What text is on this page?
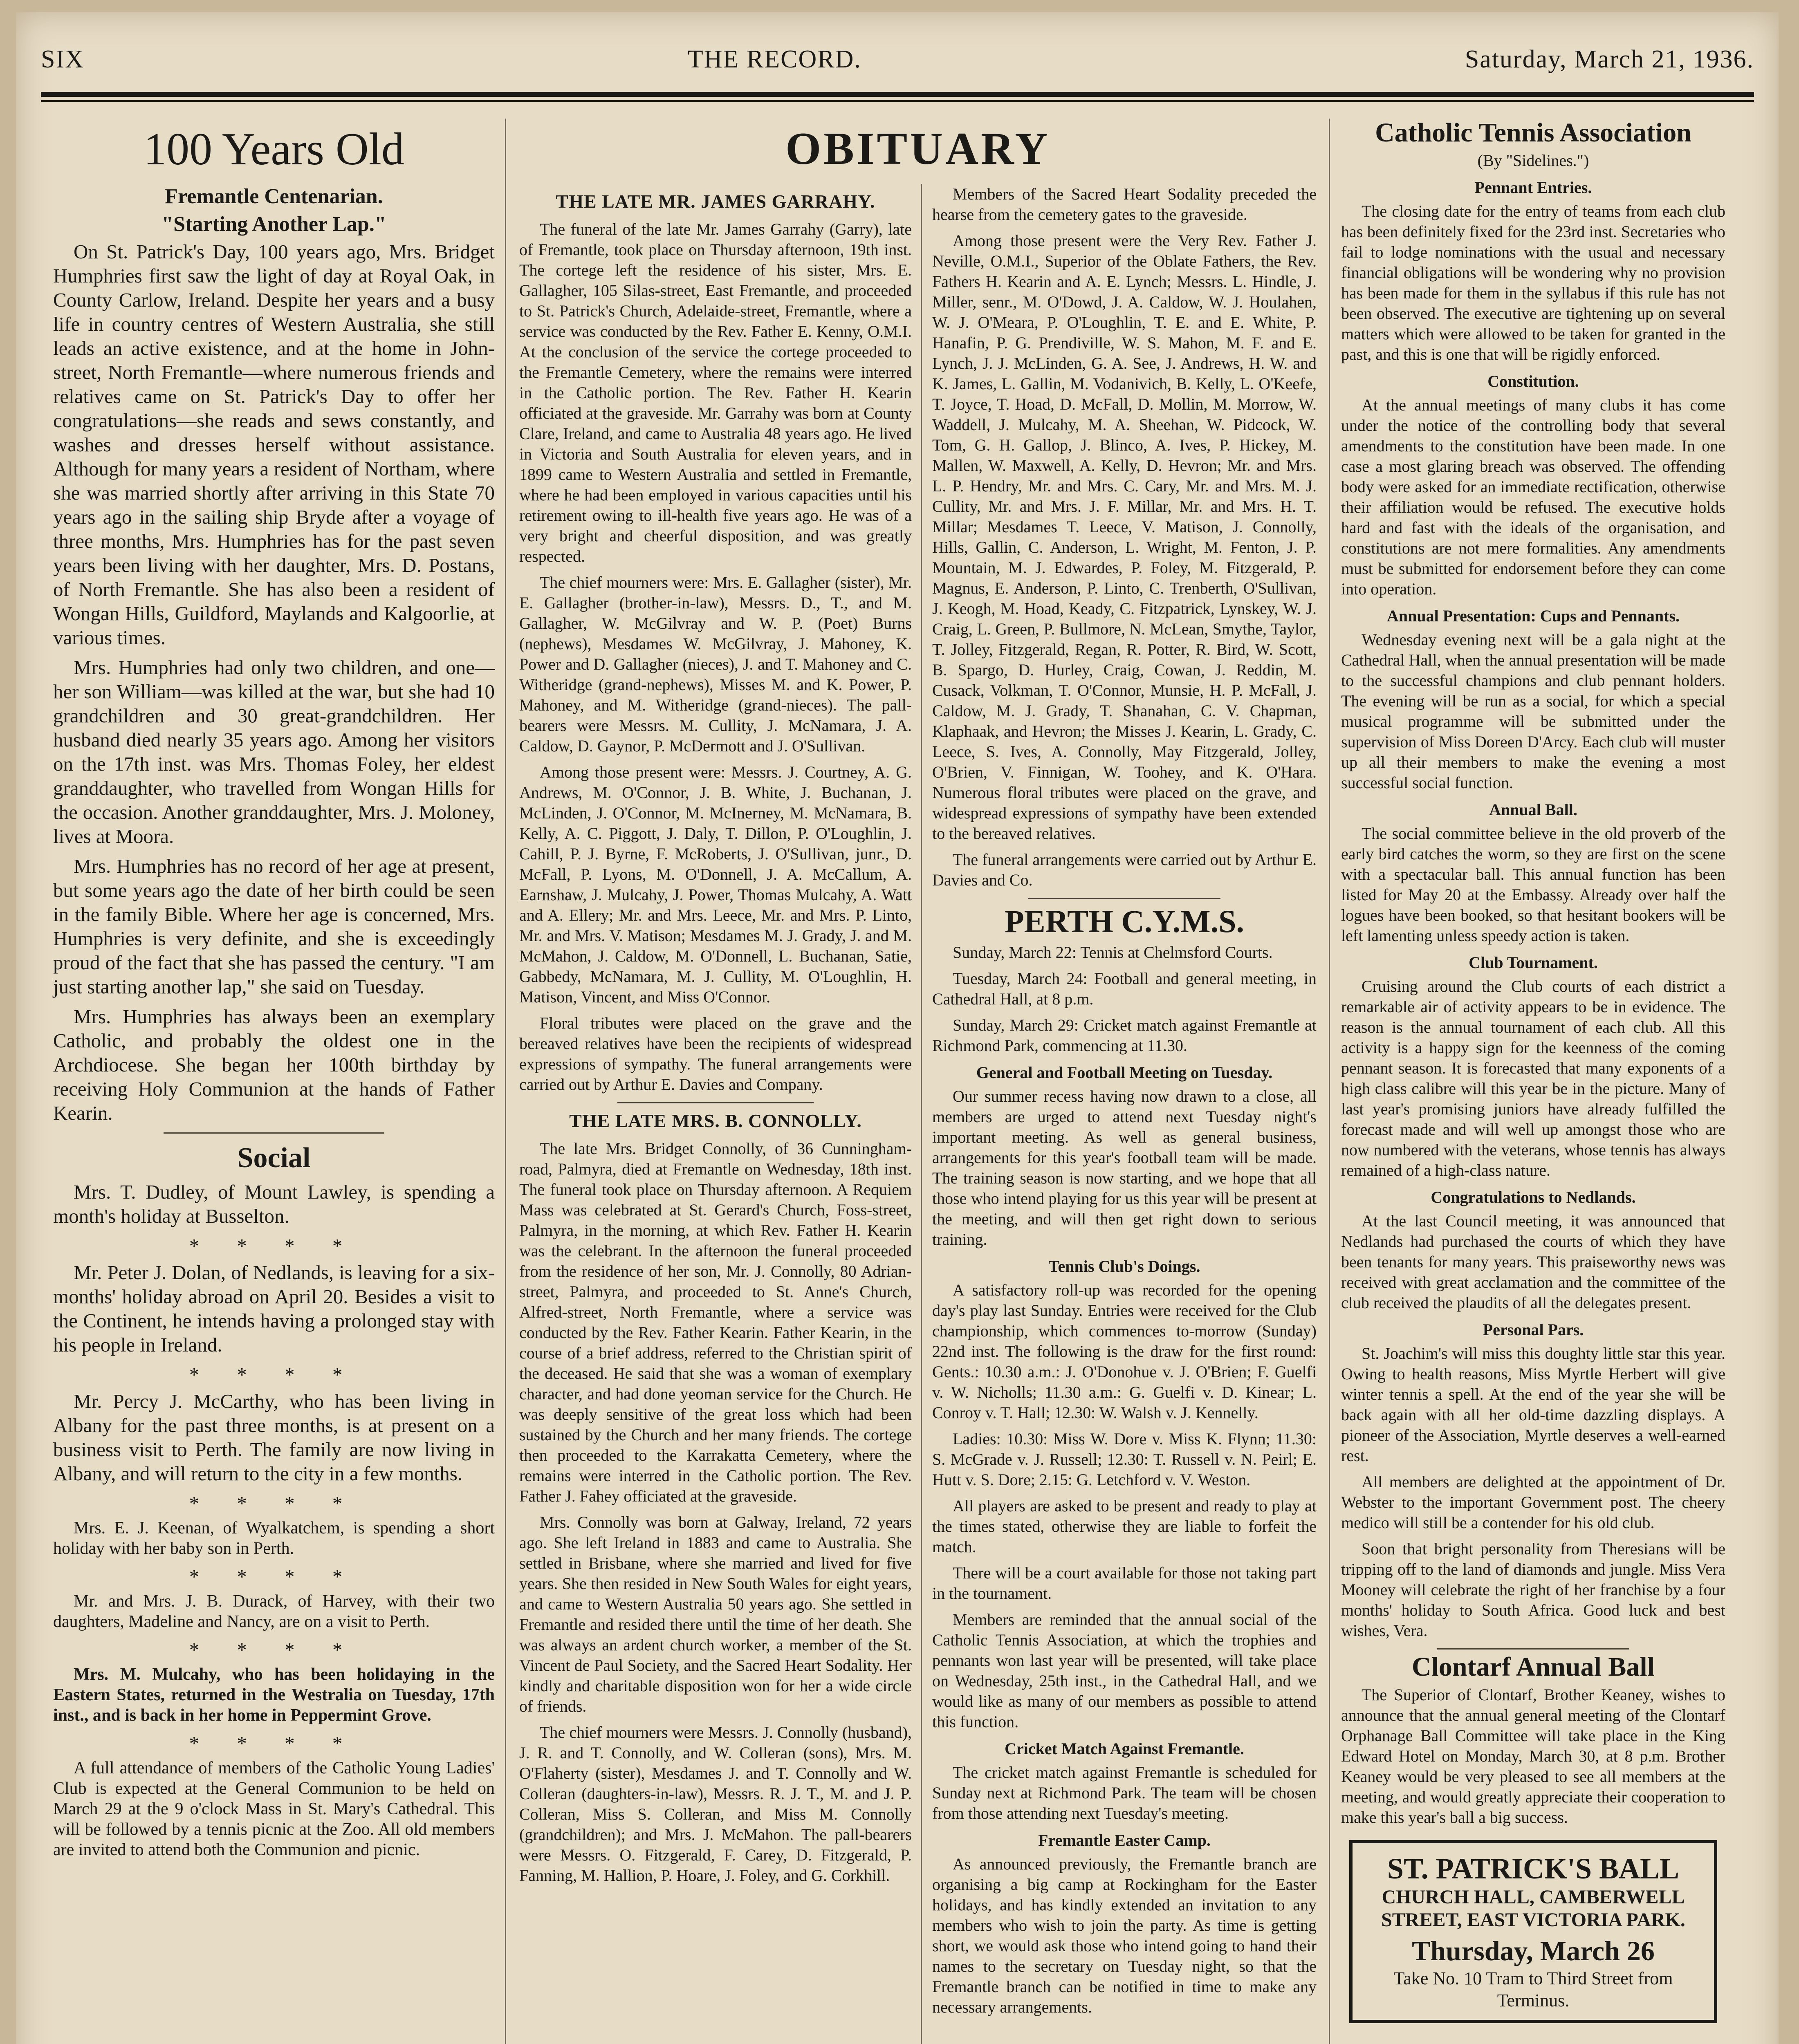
SIX	THE RECORD.	Saturday, March 21, 1936.
100 Years Old
Fremantle Centenarian.
"Starting Another Lap."

On St. Patrick's Day, 100 years ago, Mrs. Bridget Humphries first saw the light of day at Royal Oak, in County Carlow, Ireland. Despite her years and a busy life in country centres of Western Australia, she still leads an active existence, and at the home in John-street, North Fremantle—where numerous friends and relatives came on St. Patrick's Day to offer her congratulations—she reads and sews constantly, and washes and dresses herself without assistance. Although for many years a resident of Northam, where she was married shortly after arriving in this State 70 years ago in the sailing ship Bryde after a voyage of three months, Mrs. Humphries has for the past seven years been living with her daughter, Mrs. D. Postans, of North Fremantle. She has also been a resident of Wongan Hills, Guildford, Maylands and Kalgoorlie, at various times.

Mrs. Humphries had only two children, and one—her son William—was killed at the war, but she had 10 grandchildren and 30 great-grandchildren. Her husband died nearly 35 years ago. Among her visitors on the 17th inst. was Mrs. Thomas Foley, her eldest granddaughter, who travelled from Wongan Hills for the occasion. Another granddaughter, Mrs. J. Moloney, lives at Moora.

Mrs. Humphries has no record of her age at present, but some years ago the date of her birth could be seen in the family Bible. Where her age is concerned, Mrs. Humphries is very definite, and she is exceedingly proud of the fact that she has passed the century. "I am just starting another lap," she said on Tuesday.

Mrs. Humphries has always been an exemplary Catholic, and probably the oldest one in the Archdiocese. She began her 100th birthday by receiving Holy Communion at the hands of Father Kearin.

Social

Mrs. T. Dudley, of Mount Lawley, is spending a month's holiday at Busselton.

* * * *

Mr. Peter J. Dolan, of Nedlands, is leaving for a six-months' holiday abroad on April 20. Besides a visit to the Continent, he intends having a prolonged stay with his people in Ireland.

* * * *

Mr. Percy J. McCarthy, who has been living in Albany for the past three months, is at present on a business visit to Perth. The family are now living in Albany, and will return to the city in a few months.

* * * *

Mrs. E. J. Keenan, of Wyalkatchem, is spending a short holiday with her baby son in Perth.

* * * *

Mr. and Mrs. J. B. Durack, of Harvey, with their two daughters, Madeline and Nancy, are on a visit to Perth.

* * * *

Mrs. M. Mulcahy, who has been holidaying in the Eastern States, returned in the Westralia on Tuesday, 17th inst., and is back in her home in Peppermint Grove.

* * * *

A full attendance of members of the Catholic Young Ladies' Club is expected at the General Communion to be held on March 29 at the 9 o'clock Mass in St. Mary's Cathedral. This will be followed by a tennis picnic at the Zoo. All old members are invited to attend both the Communion and picnic.

OBITUARY
THE LATE MR. JAMES GARRAHY.

The funeral of the late Mr. James Garrahy (Garry), late of Fremantle, took place on Thursday afternoon, 19th inst. The cortege left the residence of his sister, Mrs. E. Gallagher, 105 Silas-street, East Fremantle, and proceeded to St. Patrick's Church, Adelaide-street, Fremantle, where a service was conducted by the Rev. Father E. Kenny, O.M.I. At the conclusion of the service the cortege proceeded to the Fremantle Cemetery, where the remains were interred in the Catholic portion. The Rev. Father H. Kearin officiated at the graveside. Mr. Garrahy was born at County Clare, Ireland, and came to Australia 48 years ago. He lived in Victoria and South Australia for eleven years, and in 1899 came to Western Australia and settled in Fremantle, where he had been employed in various capacities until his retirement owing to ill-health five years ago. He was of a very bright and cheerful disposition, and was greatly respected.

The chief mourners were: Mrs. E. Gallagher (sister), Mr. E. Gallagher (brother-in-law), Messrs. D., T., and M. Gallagher, W. McGilvray and W. P. (Poet) Burns (nephews), Mesdames W. McGilvray, J. Mahoney, K. Power and D. Gallagher (nieces), J. and T. Mahoney and C. Witheridge (grand-nephews), Misses M. and K. Power, P. Mahoney, and M. Witheridge (grand-nieces). The pall-bearers were Messrs. M. Cullity, J. McNamara, J. A. Caldow, D. Gaynor, P. McDermott and J. O'Sullivan.

Among those present were: Messrs. J. Courtney, A. G. Andrews, M. O'Connor, J. B. White, J. Buchanan, J. McLinden, J. O'Connor, M. McInerney, M. McNamara, B. Kelly, A. C. Piggott, J. Daly, T. Dillon, P. O'Loughlin, J. Cahill, P. J. Byrne, F. McRoberts, J. O'Sullivan, junr., D. McFall, P. Lyons, M. O'Donnell, J. A. McCallum, A. Earnshaw, J. Mulcahy, J. Power, Thomas Mulcahy, A. Watt and A. Ellery; Mr. and Mrs. Leece, Mr. and Mrs. P. Linto, Mr. and Mrs. V. Matison; Mesdames M. J. Grady, J. and M. McMahon, J. Caldow, M. O'Donnell, L. Buchanan, Satie, Gabbedy, McNamara, M. J. Cullity, M. O'Loughlin, H. Matison, Vincent, and Miss O'Connor.

Floral tributes were placed on the grave and the bereaved relatives have been the recipients of widespread expressions of sympathy. The funeral arrangements were carried out by Arthur E. Davies and Company.

THE LATE MRS. B. CONNOLLY.

The late Mrs. Bridget Connolly, of 36 Cunningham-road, Palmyra, died at Fremantle on Wednesday, 18th inst. The funeral took place on Thursday afternoon. A Requiem Mass was celebrated at St. Gerard's Church, Foss-street, Palmyra, in the morning, at which Rev. Father H. Kearin was the celebrant. In the afternoon the funeral proceeded from the residence of her son, Mr. J. Connolly, 80 Adrian-street, Palmyra, and proceeded to St. Anne's Church, Alfred-street, North Fremantle, where a service was conducted by the Rev. Father Kearin. Father Kearin, in the course of a brief address, referred to the Christian spirit of the deceased. He said that she was a woman of exemplary character, and had done yeoman service for the Church. He was deeply sensitive of the great loss which had been sustained by the Church and her many friends. The cortege then proceeded to the Karrakatta Cemetery, where the remains were interred in the Catholic portion. The Rev. Father J. Fahey officiated at the graveside.

Mrs. Connolly was born at Galway, Ireland, 72 years ago. She left Ireland in 1883 and came to Australia. She settled in Brisbane, where she married and lived for five years. She then resided in New South Wales for eight years, and came to Western Australia 50 years ago. She settled in Fremantle and resided there until the time of her death. She was always an ardent church worker, a member of the St. Vincent de Paul Society, and the Sacred Heart Sodality. Her kindly and charitable disposition won for her a wide circle of friends.

The chief mourners were Messrs. J. Connolly (husband), J. R. and T. Connolly, and W. Colleran (sons), Mrs. M. O'Flaherty (sister), Mesdames J. and T. Connolly and W. Colleran (daughters-in-law), Messrs. R. J. T., M. and J. P. Colleran, Miss S. Colleran, and Miss M. Connolly (grandchildren); and Mrs. J. McMahon. The pall-bearers were Messrs. O. Fitzgerald, F. Carey, D. Fitzgerald, P. Fanning, M. Hallion, P. Hoare, J. Foley, and G. Corkhill.

Members of the Sacred Heart Sodality preceded the hearse from the cemetery gates to the graveside.

Among those present were the Very Rev. Father J. Neville, O.M.I., Superior of the Oblate Fathers, the Rev. Fathers H. Kearin and A. E. Lynch; Messrs. L. Hindle, J. Miller, senr., M. O'Dowd, J. A. Caldow, W. J. Houlahen, W. J. O'Meara, P. O'Loughlin, T. E. and E. White, P. Hanafin, P. G. Prendiville, W. S. Mahon, M. F. and E. Lynch, J. J. McLinden, G. A. See, J. Andrews, H. W. and K. James, L. Gallin, M. Vodanivich, B. Kelly, L. O'Keefe, T. Joyce, T. Hoad, D. McFall, D. Mollin, M. Morrow, W. Waddell, J. Mulcahy, M. A. Sheehan, W. Pidcock, W. Tom, G. H. Gallop, J. Blinco, A. Ives, P. Hickey, M. Mallen, W. Maxwell, A. Kelly, D. Hevron; Mr. and Mrs. L. P. Hendry, Mr. and Mrs. C. Cary, Mr. and Mrs. M. J. Cullity, Mr. and Mrs. J. F. Millar, Mr. and Mrs. H. T. Millar; Mesdames T. Leece, V. Matison, J. Connolly, Hills, Gallin, C. Anderson, L. Wright, M. Fenton, J. P. Mountain, M. J. Edwardes, P. Foley, M. Fitzgerald, P. Magnus, E. Anderson, P. Linto, C. Trenberth, O'Sullivan, J. Keogh, M. Hoad, Keady, C. Fitzpatrick, Lynskey, W. J. Craig, L. Green, P. Bullmore, N. McLean, Smythe, Taylor, T. Jolley, Fitzgerald, Regan, R. Potter, R. Bird, W. Scott, B. Spargo, D. Hurley, Craig, Cowan, J. Reddin, M. Cusack, Volkman, T. O'Connor, Munsie, H. P. McFall, J. Caldow, M. J. Grady, T. Shanahan, C. V. Chapman, Klaphaak, and Hevron; the Misses J. Kearin, L. Grady, C. Leece, S. Ives, A. Connolly, May Fitzgerald, Jolley, O'Brien, V. Finnigan, W. Toohey, and K. O'Hara. Numerous floral tributes were placed on the grave, and widespread expressions of sympathy have been extended to the bereaved relatives.

The funeral arrangements were carried out by Arthur E. Davies and Co.

PERTH C.Y.M.S.

Sunday, March 22: Tennis at Chelmsford Courts.

Tuesday, March 24: Football and general meeting, in Cathedral Hall, at 8 p.m.

Sunday, March 29: Cricket match against Fremantle at Richmond Park, commencing at 11.30.

General and Football Meeting on Tuesday.

Our summer recess having now drawn to a close, all members are urged to attend next Tuesday night's important meeting. As well as general business, arrangements for this year's football team will be made. The training season is now starting, and we hope that all those who intend playing for us this year will be present at the meeting, and will then get right down to serious training.

Tennis Club's Doings.

A satisfactory roll-up was recorded for the opening day's play last Sunday. Entries were received for the Club championship, which commences to-morrow (Sunday) 22nd inst. The following is the draw for the first round: Gents.: 10.30 a.m.: J. O'Donohue v. J. O'Brien; F. Guelfi v. W. Nicholls; 11.30 a.m.: G. Guelfi v. D. Kinear; L. Conroy v. T. Hall; 12.30: W. Walsh v. J. Kennelly.

Ladies: 10.30: Miss W. Dore v. Miss K. Flynn; 11.30: S. McGrade v. J. Russell; 12.30: T. Russell v. N. Peirl; E. Hutt v. S. Dore; 2.15: G. Letchford v. V. Weston.

All players are asked to be present and ready to play at the times stated, otherwise they are liable to forfeit the match.

There will be a court available for those not taking part in the tournament.

Members are reminded that the annual social of the Catholic Tennis Association, at which the trophies and pennants won last year will be presented, will take place on Wednesday, 25th inst., in the Cathedral Hall, and we would like as many of our members as possible to attend this function.

Cricket Match Against Fremantle.

The cricket match against Fremantle is scheduled for Sunday next at Richmond Park. The team will be chosen from those attending next Tuesday's meeting.

Fremantle Easter Camp.

As announced previously, the Fremantle branch are organising a big camp at Rockingham for the Easter holidays, and has kindly extended an invitation to any members who wish to join the party. As time is getting short, we would ask those who intend going to hand their names to the secretary on Tuesday night, so that the Fremantle branch can be notified in time to make any necessary arrangements.

Catholic Tennis Association
(By "Sidelines.")
Pennant Entries.

The closing date for the entry of teams from each club has been definitely fixed for the 23rd inst. Secretaries who fail to lodge nominations with the usual and necessary financial obligations will be wondering why no provision has been made for them in the syllabus if this rule has not been observed. The executive are tightening up on several matters which were allowed to be taken for granted in the past, and this is one that will be rigidly enforced.

Constitution.

At the annual meetings of many clubs it has come under the notice of the controlling body that several amendments to the constitution have been made. In one case a most glaring breach was observed. The offending body were asked for an immediate rectification, otherwise their affiliation would be refused. The executive holds hard and fast with the ideals of the organisation, and constitutions are not mere formalities. Any amendments must be submitted for endorsement before they can come into operation.

Annual Presentation: Cups and Pennants.

Wednesday evening next will be a gala night at the Cathedral Hall, when the annual presentation will be made to the successful champions and club pennant holders. The evening will be run as a social, for which a special musical programme will be submitted under the supervision of Miss Doreen D'Arcy. Each club will muster up all their members to make the evening a most successful social function.

Annual Ball.

The social committee believe in the old proverb of the early bird catches the worm, so they are first on the scene with a spectacular ball. This annual function has been listed for May 20 at the Embassy. Already over half the logues have been booked, so that hesitant bookers will be left lamenting unless speedy action is taken.

Club Tournament.

Cruising around the Club courts of each district a remarkable air of activity appears to be in evidence. The reason is the annual tournament of each club. All this activity is a happy sign for the keenness of the coming pennant season. It is forecasted that many exponents of a high class calibre will this year be in the picture. Many of last year's promising juniors have already fulfilled the forecast made and will well up amongst those who are now numbered with the veterans, whose tennis has always remained of a high-class nature.

Congratulations to Nedlands.

At the last Council meeting, it was announced that Nedlands had purchased the courts of which they have been tenants for many years. This praiseworthy news was received with great acclamation and the committee of the club received the plaudits of all the delegates present.

Personal Pars.

St. Joachim's will miss this doughty little star this year. Owing to health reasons, Miss Myrtle Herbert will give winter tennis a spell. At the end of the year she will be back again with all her old-time dazzling displays. A pioneer of the Association, Myrtle deserves a well-earned rest.

All members are delighted at the appointment of Dr. Webster to the important Government post. The cheery medico will still be a contender for his old club.

Soon that bright personality from Theresians will be tripping off to the land of diamonds and jungle. Miss Vera Mooney will celebrate the right of her franchise by a four months' holiday to South Africa. Good luck and best wishes, Vera.

Clontarf Annual Ball

The Superior of Clontarf, Brother Keaney, wishes to announce that the annual general meeting of the Clontarf Orphanage Ball Committee will take place in the King Edward Hotel on Monday, March 30, at 8 p.m. Brother Keaney would be very pleased to see all members at the meeting, and would greatly appreciate their cooperation to make this year's ball a big success.

ST. PATRICK'S BALL
CHURCH HALL, CAMBERWELL STREET, EAST VICTORIA PARK.
Thursday, March 26
Take No. 10 Tram to Third Street from Terminus.
